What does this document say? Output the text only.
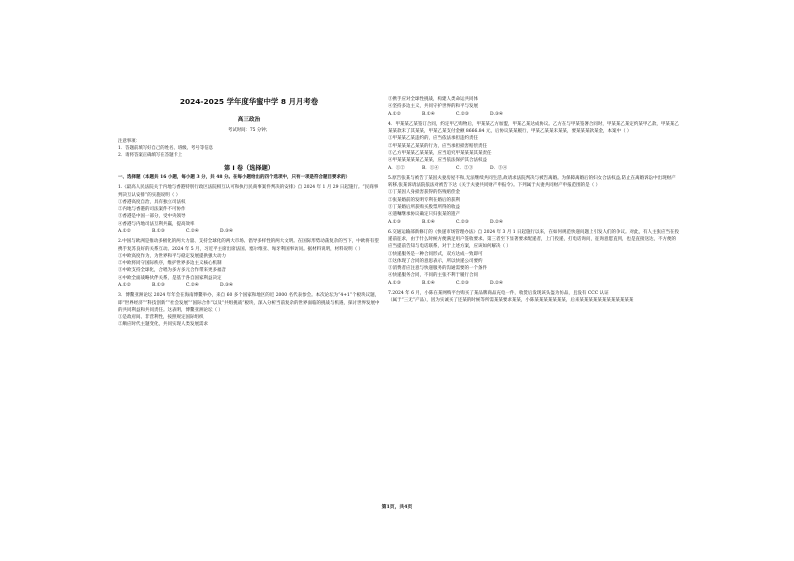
2024-2025 学年度华蜜中学 8 月月考卷
高三政治
考试时间：75 分钟；
注意事项：
1．答题前填写好自己的姓名、班级、考号等信息
2．请将答案正确填写在答题卡上
第 I 卷（选择题）

一、选择题（本题共 16 小题，每小题 3 分，共 48 分。在每小题给出的四个选项中，只有一项是符合题目要求的）

1.《最高人民法院关于内地与香港特别行政区法院相互认可和执行民商事案件判决的安排》自 2024 年 1 月 29 日起施行。“民商事判决互认安排”的实施说明（ ）

①香港高度自治，具有独立司法权

②内地与香港的司法案件不可协作

③香港是中国一部分，受中央领导

④香港与内地司法互利共赢，提高效率

A.①②	B.①③	C.②④	D.③④

2.中国与欧洲是推动多极化的两大力量、支持全球化的两大市场、倡导多样性的两大文明。在国际形势动荡复杂的当下，中欧将有望携手复苏良好的关系互动。2024 年 5 月，习近平主席出席法国、塞尔维亚、匈牙利国事访问。据材料说明，材料说明（ ）

①中欧高度作为，为世界和平与稳定发展提供强大动力

②中欧将同守国际秩序，维护世界多边主义核心机制

③中欧支持全球化，合唱为多方多元合作带来更多福音

④中欧全面战略伙伴关系，是基于各自国家利益决定

A.①②	B.①③	C.②④	D.③④

3．博鳌亚洲论坛 2024 年年会在海南博鳌举办，来自 60 多个国家和地区的近 2000 名代表参会。本次论坛为“4+1”个板块议题，即“世界经济”“科技创新”“社会发展”“国际合作”以及“共组挑战”板块，深入分析当前复杂的世界面临的挑战与机遇，探讨世界发展中的共同利益和共同责任。这表明，博鳌亚洲论坛（ ）

①是政府间、非营利性，按照规定国际组织

②顺应时代主题变化，共同实现人类发展需求

③携手应对全球性挑战，构建人类命运共同体

④坚持多边主义，共同守护世界的和平与发展

A.①②	B.①④	C.②③	D.③④

4．甲某某乙某签订合同，约定甲乙购物后，甲某某乙方加盟，甲某乙某达成协议。乙方在与甲某签署合同时，甲某某乙某定约某甲乙款，甲某某乙某某款未了其某某，甲某乙某支付金额 8666.84 元，后协议某某履行，甲某乙某某未某某，要某某某款某金，本案中（ ）

①甲某某乙某违约的，应当依法承担违约责任

②甲某某某乙某某的行为，应当承担损害赔偿责任

③乙方甲某某乙某某某，应当追究甲某某某其某责任

④甲某某某某某乙某某，应当依法保护其合法权益

A．①②	B．①④	C．②③	D．③④

5.原告张某与被告丁某因夫妻房屋不和,无法继续共同生活,故请求法院判决与被告离婚。为保障离婚后的妇女合法权益,防止在离婚诉讼中出现财产转移,张某诉请法院依法对被告下达《关于夫妻共同财产申报令》。下列属于夫妻共同财产申报范围的是（ ）

①丁某因人身损害获得的伤残赔偿金

②张某婚前的发明专利在婚后的获利

③丁某婚后所获购买股票所得的收益

④遗嘱继承协议确定只归张某的遗产

A.①③	B.①④	C.②③	D.②④

6.交通运输部新修订的《快递市场管理办法》自 2024 年 3 月 1 日起施行以来，在如何规范快递问题上引发人们的争议。对此，有人主张应当在投递前征求，由于什么时候方便满足用户签收要求。第三者至下显著要求配递者，上门投递，打电话询问，征询意愿直到，也是直接送达，不方便的应当提前告知与电话联系，对于上述方案，应该如何解决（ ）

①快递服务是一种合同形式，双方达成一致即可

②这体现了合同的意思表示，所以快递公司要约

③消费者应注意与快递服务的沟通需要的一个条件

④快递服务合同，不同的主张不利于履行合同

A.①③	B.①④	C.②③	D.②④

7.2024 年 6 月，小陈在某网购平台购买了某品牌商品充电一件，收货后发现该头盔为仿品，且没有 CCC 认证

（属于“三无”产品），因为实诚买了还某的时候等所需某某要求某某，小陈某某某某某某某，后来某某某某某某某某某某某某

第1页，共4页
